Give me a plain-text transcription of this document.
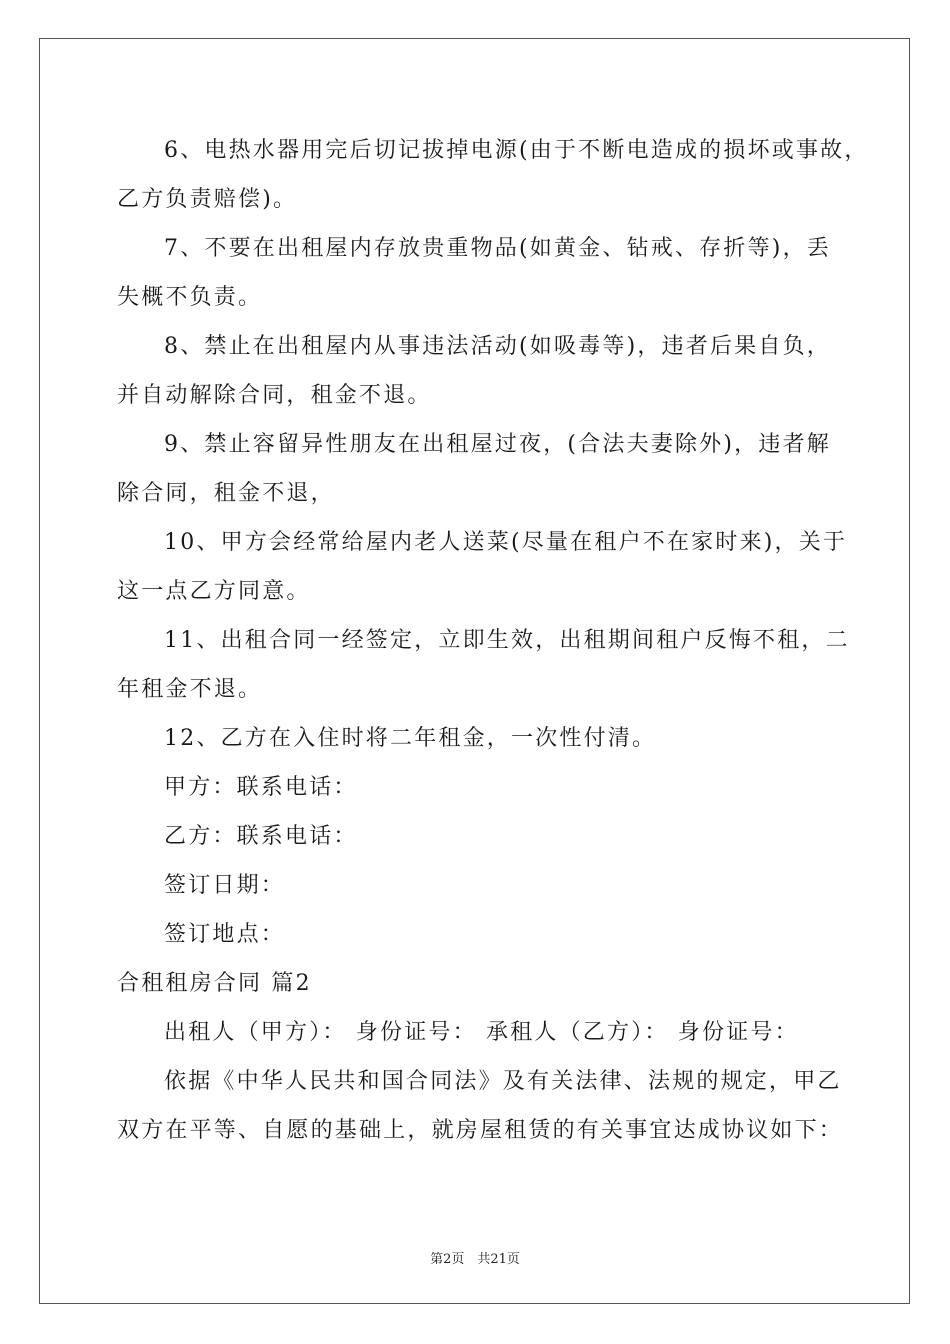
6、电热水器用完后切记拔掉电源(由于不断电造成的损坏或事故，
乙方负责赔偿)。
7、不要在出租屋内存放贵重物品(如黄金、钻戒、存折等)，丢
失概不负责。
8、禁止在出租屋内从事违法活动(如吸毒等)，违者后果自负，
并自动解除合同，租金不退。
9、禁止容留异性朋友在出租屋过夜，(合法夫妻除外)，违者解
除合同，租金不退，
10、甲方会经常给屋内老人送菜(尽量在租户不在家时来)，关于
这一点乙方同意。
11、出租合同一经签定，立即生效，出租期间租户反悔不租，二
年租金不退。
12、乙方在入住时将二年租金，一次性付清。
甲方：联系电话：
乙方：联系电话：
签订日期：
签订地点：
合租租房合同 篇2
出租人（甲方）： 身份证号： 承租人（乙方）： 身份证号：
依据《中华人民共和国合同法》及有关法律、法规的规定，甲乙
双方在平等、自愿的基础上，就房屋租赁的有关事宜达成协议如下：
第2页　共21页
